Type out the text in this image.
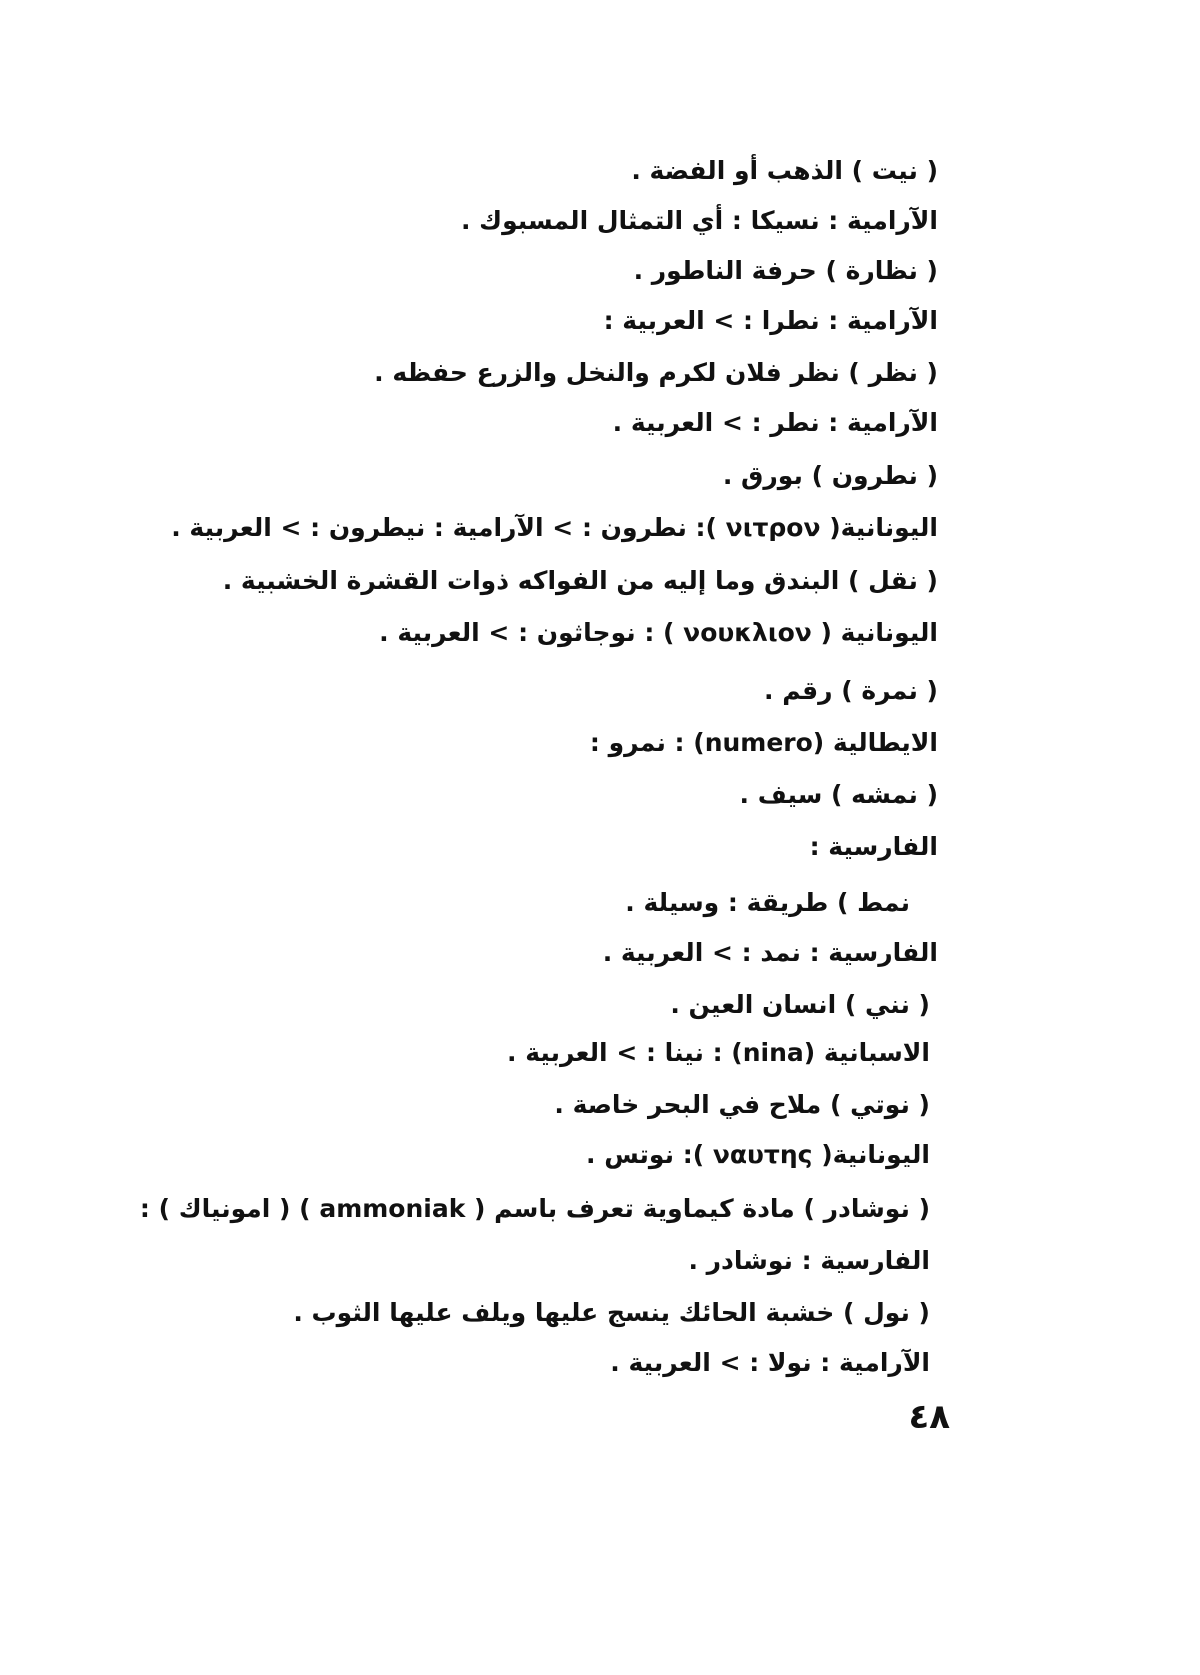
( نيت ) الذهب أو الفضة .
الآرامية : نسيكا : أي التمثال المسبوك .
( نظارة ) حرفة الناطور .
الآرامية : نطرا : > العربية :
( نظر ) نظر فلان لكرم والنخل والزرع حفظه .
الآرامية : نطر : > العربية .
( نطرون ) بورق .
اليونانية( νιτρον ): نطرون : > الآرامية : نيطرون : > العربية .
( نقل ) البندق وما إليه من الفواكه ذوات القشرة الخشبية .
اليونانية ( νουκλιον ) : نوجاثون : > العربية .
( نمرة ) رقم .
الايطالية (numero) : نمرو :
( نمشه ) سيف .
الفارسية :
نمط ) طريقة : وسيلة .
الفارسية : نمد : > العربية .
( نني ) انسان العين .
الاسبانية (nina) : نينا : > العربية .
( نوتي ) ملاح في البحر خاصة .
اليونانية( ναυτης ): نوتس .
( نوشادر ) مادة كيماوية تعرف باسم ( ammoniak ) ( امونياك ) :
الفارسية : نوشادر .
( نول ) خشبة الحائك ينسج عليها ويلف عليها الثوب .
الآرامية : نولا : > العربية .
٤٨
